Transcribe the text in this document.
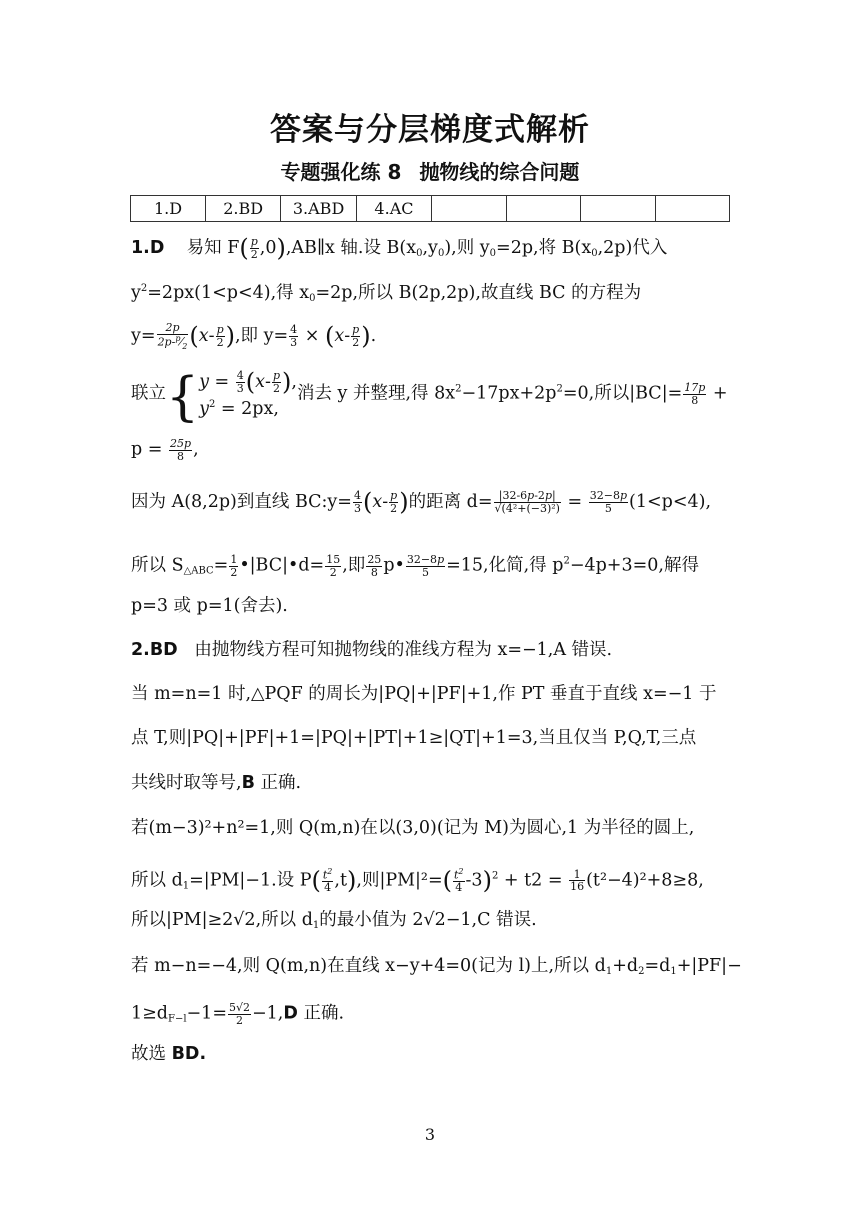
答案与分层梯度式解析
专题强化练 8 抛物线的综合问题
1.D	2.BD	3.ABD	4.AC				
1.D 易知 $F( \frac{p}{2}$ ,0),AB∥x 轴.设 $B(x_0,y_0)$,则 $y_0=2p$,将 $B(x_0,2p)$代入
$y^2=2px(1<p<4)$,得 $x_0=2p$,所以 B(2p,2p),故直线 BC 的方程为
$y= \frac{2p}{2p-^p⁄_2} (x- \frac{p}{2}$ ),即 $y= \frac{4}{3} \times (x- \frac{p}{2}$ ).
联立{ $y = \frac{4}{3} (x- \frac{p}{2}$ ),
$y^2 = 2px$,
消去 y 并整理,得 $8x^2-17px+2p^2=0$,所以$|BC|= \frac{17p}{8}$ +
$p = \frac{25p}{8}$ ,
因为 A(8,2p)到直线 BC:y= $\frac{4}{3} (x- \frac{p}{2}$ )的距离 $d= \frac{|32-6p-2p|}{\text{√(4²+(−3)²)}} = \frac{32-8p}{5} (1<p<4)$,
所以 $S_{\triangle ABC}= \frac{1}{2}$ •|BC|•d= $\frac{15}{2}$ ,即 $\frac{25}{8}$ p• $\frac{32-8p}{5} =15$,化简,得 $p^2-4p+3=0$,解得
p=3 或 p=1(舍去).
2.BD 由抛物线方程可知抛物线的准线方程为 x=−1,A 错误.
当 m=n=1 时,△PQF 的周长为|PQ|+|PF|+1,作 PT 垂直于直线 x=−1 于
点 T,则|PQ|+|PF|+1=|PQ|+|PT|+1≥|QT|+1=3,当且仅当 P,Q,T,三点
共线时取等号,B 正确.
若(m−3)²+n²=1,则 Q(m,n)在以(3,0)(记为 M)为圆心,1 为半径的圆上,
所以 $d_1=|PM|-1$.设 $P( \frac{t^2}{4} ,t)$,则$|PM|^2=( \frac{t^2}{4} -3)^2 + t2 = \frac{1}{16} (t^2-4)^2+8\ge 8$,
所以|PM|≥2√2,所以 $d_1$的最小值为 2√2−1,C 错误.
若 m−n=−4,则 Q(m,n)在直线 x−y+4=0(记为 l)上,所以 $d_1+d_2=d_1+|PF|-$
$1\ge d_{F-l}-1= \frac{5√2}{2} -1,D$ 正确.
故选 BD.
3
